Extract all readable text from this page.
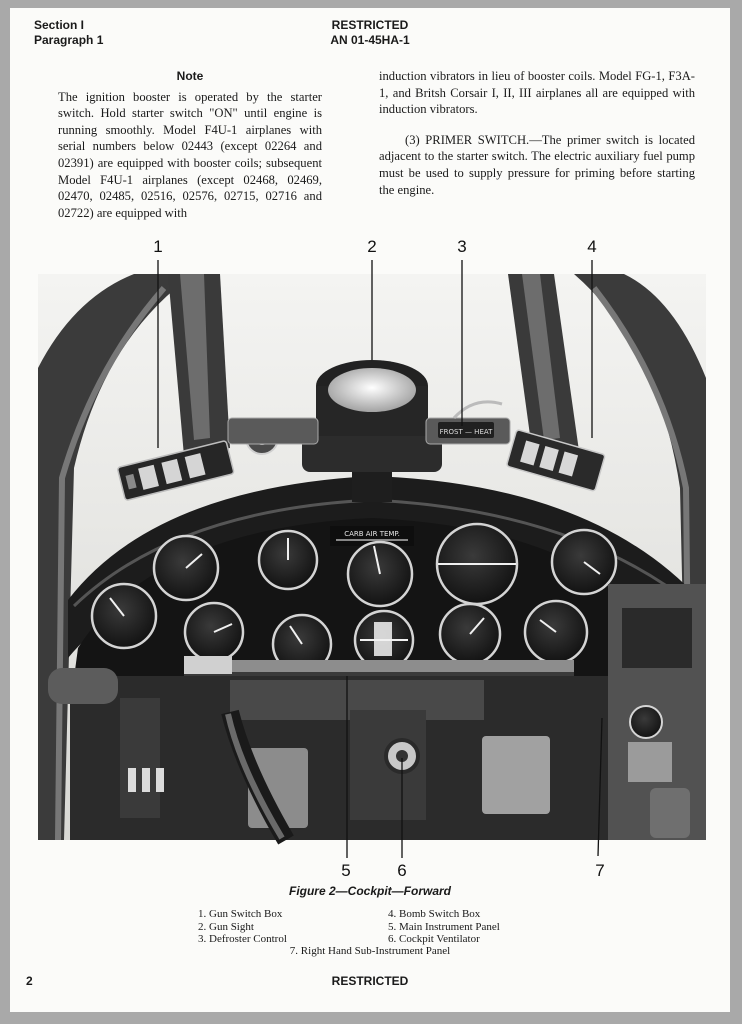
Section I
Paragraph 1
RESTRICTED
AN 01-45HA-1
Note

The ignition booster is operated by the starter switch. Hold starter switch "ON" until engine is running smoothly. Model F4U-1 airplanes with serial numbers below 02443 (except 02264 and 02391) are equipped with booster coils; subsequent Model F4U-1 airplanes (except 02468, 02469, 02470, 02485, 02516, 02576, 02715, 02716 and 02722) are equipped with

induction vibrators in lieu of booster coils. Model FG-1, F3A-1, and Britsh Corsair I, II, III airplanes all are equipped with induction vibrators.

(3) PRIMER SWITCH.—The primer switch is located adjacent to the starter switch. The electric auxiliary fuel pump must be used to supply pressure for priming before starting the engine.

FROST — HEAT
CARB AIR TEMP.
1	2	3	4
5	6	7
Figure 2—Cockpit—Forward
1. Gun Switch Box
2. Gun Sight
3. Defroster Control
4. Bomb Switch Box
5. Main Instrument Panel
6. Cockpit Ventilator
7. Right Hand Sub-Instrument Panel
2	RESTRICTED
